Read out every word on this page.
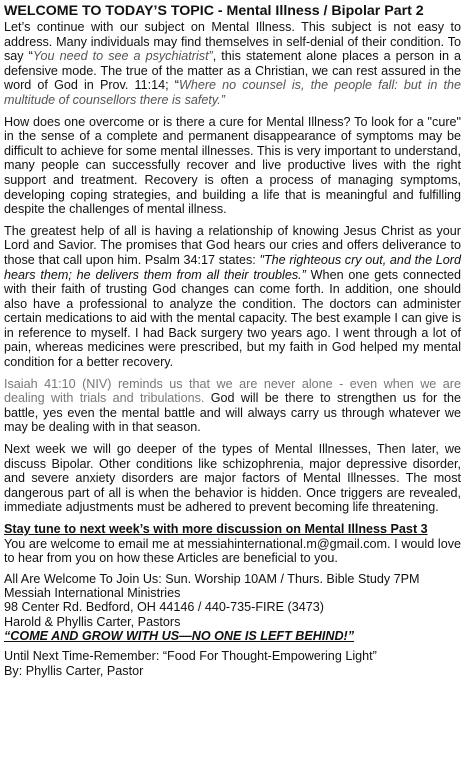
WELCOME TO TODAY’S TOPIC - Mental Illness / Bipolar Part 2

Let’s continue with our subject on Mental Illness. This subject is not easy to address. Many individuals may find themselves in self-denial of their condition. To say “You need to see a psychiatrist”, this statement alone places a person in a defensive mode. The true of the matter as a Christian, we can rest assured in the word of God in Prov. 11:14; “Where no counsel is, the people fall: but in the multitude of counsellors there is safety.”

How does one overcome or is there a cure for Mental Illness? To look for a "cure" in the sense of a complete and permanent disappearance of symptoms may be difficult to achieve for some mental illnesses. This is very important to understand, many people can successfully recover and live productive lives with the right support and treatment. Recovery is often a process of managing symptoms, developing coping strategies, and building a life that is meaningful and fulfilling despite the challenges of mental illness.

The greatest help of all is having a relationship of knowing Jesus Christ as your Lord and Savior. The promises that God hears our cries and offers deliverance to those that call upon him. Psalm 34:17 states: "The righteous cry out, and the Lord hears them; he delivers them from all their troubles.” When one gets connected with their faith of trusting God changes can come forth. In addition, one should also have a professional to analyze the condition. The doctors can administer certain medications to aid with the mental capacity. The best example I can give is in reference to myself. I had Back surgery two years ago. I went through a lot of pain, whereas medicines were prescribed, but my faith in God helped my mental condition for a better recovery.

Isaiah 41:10 (NIV) reminds us that we are never alone - even when we are dealing with trials and tribulations. God will be there to strengthen us for the battle, yes even the mental battle and will always carry us through whatever we may be dealing with in that season.

Next week we will go deeper of the types of Mental Illnesses, Then later, we discuss Bipolar. Other conditions like schizophrenia, major depressive disorder, and severe anxiety disorders are major factors of Mental Illnesses. The most dangerous part of all is when the behavior is hidden. Once triggers are revealed, immediate adjustments must be adhered to prevent becoming life threatening.

Stay tune to next week’s with more discussion on Mental Illness Past 3
You are welcome to email me at messiahinternational.m@gmail.com. I would love to hear from you on how these Articles are beneficial to you.
All Are Welcome To Join Us: Sun. Worship 10AM / Thurs. Bible Study 7PM
Messiah International Ministries
98 Center Rd. Bedford, OH 44146 / 440-735-FIRE (3473)
Harold & Phyllis Carter, Pastors
“COME AND GROW WITH US—NO ONE IS LEFT BEHIND!”
Until Next Time-Remember: “Food For Thought-Empowering Light”
By: Phyllis Carter, Pastor
